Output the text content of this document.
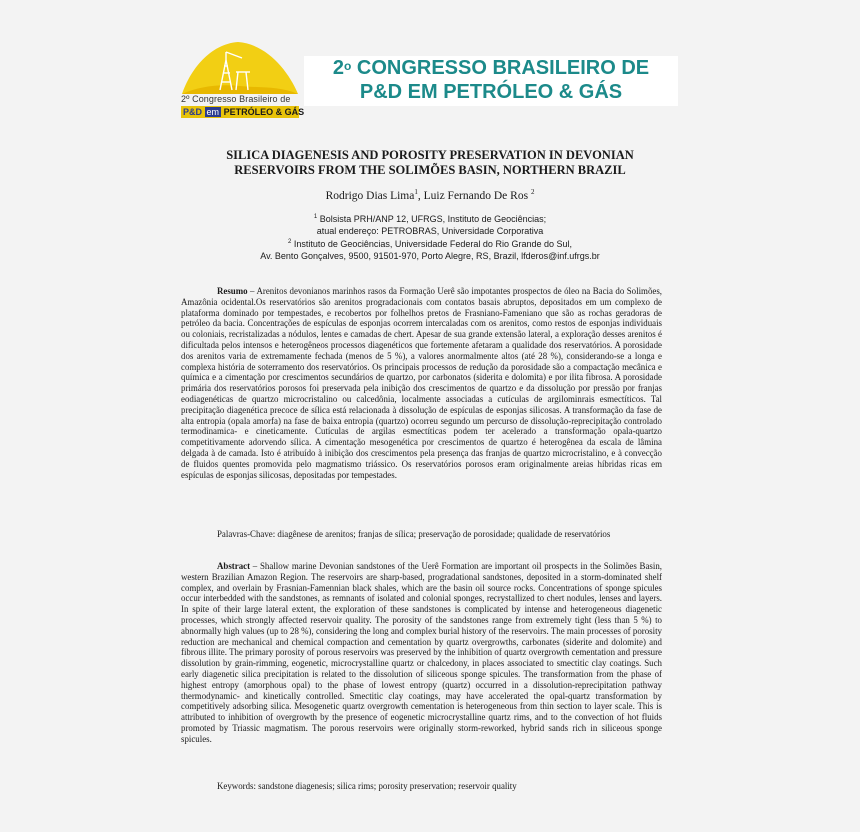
2º Congresso Brasileiro de
P&D em PETRÓLEO & GÁS
2$^o$ CONGRESSO BRASILEIRO DE
P&D EM PETRÓLEO & GÁS
SILICA DIAGENESIS AND POROSITY PRESERVATION IN DEVONIAN
RESERVOIRS FROM THE SOLIMÕES BASIN, NORTHERN BRAZIL
Rodrigo Dias Lima$^1$, Luiz Fernando De Ros $^2$
$^1$ Bolsista PRH/ANP 12, UFRGS, Instituto de Geociências;
atual endereço: PETROBRAS, Universidade Corporativa
$^2$ Instituto de Geociências, Universidade Federal do Rio Grande do Sul,
Av. Bento Gonçalves, 9500, 91501-970, Porto Alegre, RS, Brazil, lfderos@inf.ufrgs.br
Resumo – Arenitos devonianos marinhos rasos da Formação Uerê são impotantes prospectos de óleo na Bacia do Solimões, Amazônia ocidental.Os reservatórios são arenitos progradacionais com contatos basais abruptos, depositados em um complexo de plataforma dominado por tempestades, e recobertos por folhelhos pretos de Frasniano-Fameniano que são as rochas geradoras de petróleo da bacia. Concentrações de espículas de esponjas ocorrem intercaladas com os arenitos, como restos de esponjas individuais ou coloniais, recristalizadas a nódulos, lentes e camadas de chert. Apesar de sua grande extensão lateral, a exploração desses arenitos é dificultada pelos intensos e heterogêneos processos diagenéticos que fortemente afetaram a qualidade dos reservatórios. A porosidade dos arenitos varia de extremamente fechada (menos de 5 %), a valores anormalmente altos (até 28 %), considerando-se a longa e complexa história de soterramento dos reservatórios. Os principais processos de redução da porosidade são a compactação mecânica e química e a cimentação por crescimentos secundários de quartzo, por carbonatos (siderita e dolomita) e por ilita fibrosa. A porosidade primária dos reservatórios porosos foi preservada pela inibição dos crescimentos de quartzo e da dissolução por pressão por franjas eodiagenéticas de quartzo microcristalino ou calcedônia, localmente associadas a cutículas de argilominrais esmectíticos. Tal precipitação diagenética precoce de sílica está relacionada à dissolução de espículas de esponjas silicosas. A transformação da fase de alta entropia (opala amorfa) na fase de baixa entropia (quartzo) ocorreu segundo um percurso de dissolução-reprecipitação controlado termodinamica- e cineticamente. Cutículas de argilas esmectíticas podem ter acelerado a transformação opala-quartzo competitivamente adorvendo sílica. A cimentação mesogenética por crescimentos de quartzo é heterogênea da escala de lâmina delgada à de camada. Isto é atribuído à inibição dos crescimentos pela presença das franjas de quartzo microcristalino, e à convecção de fluidos quentes promovida pelo magmatismo triássico. Os reservatórios porosos eram originalmente areias híbridas ricas em espículas de esponjas silicosas, depositadas por tempestades.
Palavras-Chave: diagênese de arenitos; franjas de sílica; preservação de porosidade; qualidade de reservatórios
Abstract – Shallow marine Devonian sandstones of the Uerê Formation are important oil prospects in the Solimões Basin, western Brazilian Amazon Region. The reservoirs are sharp-based, progradational sandstones, deposited in a storm-dominated shelf complex, and overlain by Frasnian-Famennian black shales, which are the basin oil source rocks. Concentrations of sponge spicules occur interbedded with the sandstones, as remnants of isolated and colonial sponges, recrystallized to chert nodules, lenses and layers. In spite of their large lateral extent, the exploration of these sandstones is complicated by intense and heterogeneous diagenetic processes, which strongly affected reservoir quality. The porosity of the sandstones range from extremely tight (less than 5 %) to abnormally high values (up to 28 %), considering the long and complex burial history of the reservoirs. The main processes of porosity reduction are mechanical and chemical compaction and cementation by quartz overgrowths, carbonates (siderite and dolomite) and fibrous illite. The primary porosity of porous reservoirs was preserved by the inhibition of quartz overgrowth cementation and pressure dissolution by grain-rimming, eogenetic, microcrystalline quartz or chalcedony, in places associated to smectitic clay coatings. Such early diagenetic silica precipitation is related to the dissolution of siliceous sponge spicules. The transformation from the phase of highest entropy (amorphous opal) to the phase of lowest entropy (quartz) occurred in a dissolution-reprecipitation pathway thermodynamic- and kinetically controlled. Smectitic clay coatings, may have accelerated the opal-quartz transformation by competitively adsorbing silica. Mesogenetic quartz overgrowth cementation is heterogeneous from thin section to layer scale. This is attributed to inhibition of overgrowth by the presence of eogenetic microcrystalline quartz rims, and to the convection of hot fluids promoted by Triassic magmatism. The porous reservoirs were originally storm-reworked, hybrid sands rich in siliceous sponge spicules.
Keywords: sandstone diagenesis; silica rims; porosity preservation; reservoir quality
